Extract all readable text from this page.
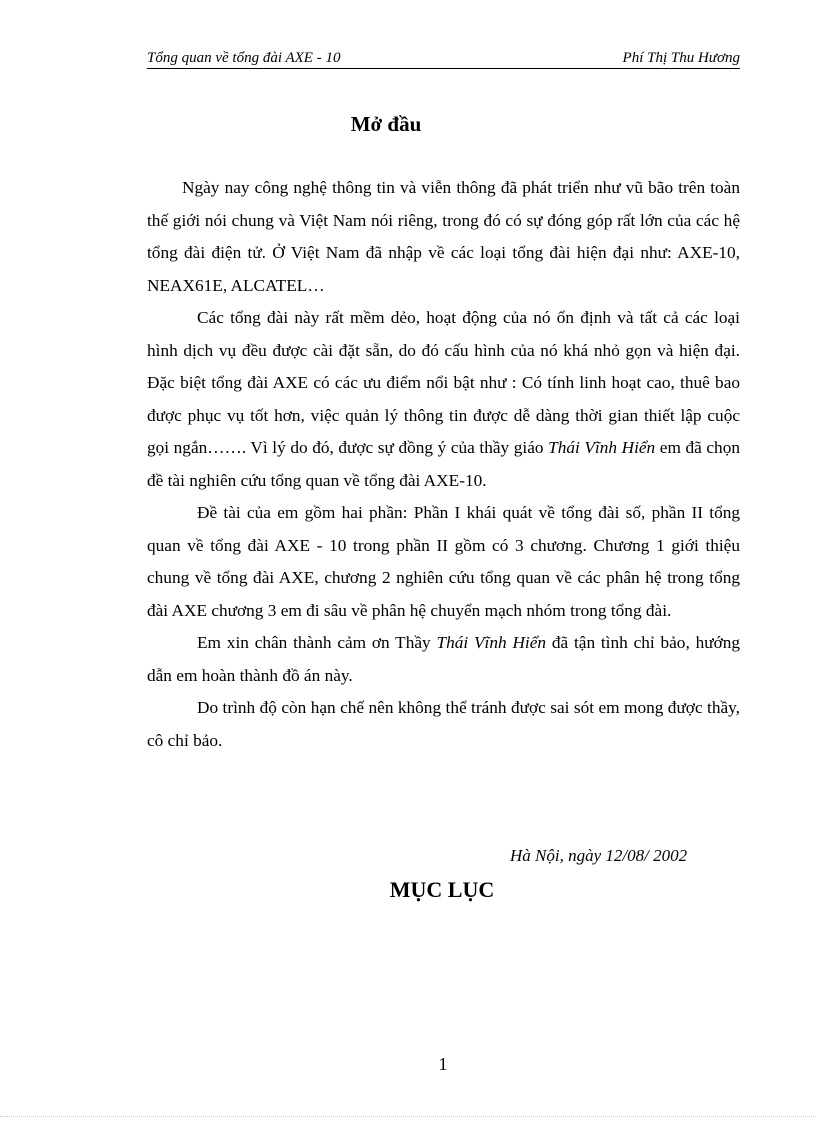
Tổng quan về tổng đài AXE - 10	Phí Thị Thu Hương
Mở đầu

Ngày nay công nghệ thông tin và viễn thông đã phát triển như vũ bão trên toàn thế giới nói chung và Việt Nam nói riêng, trong đó có sự đóng góp rất lớn của các hệ tổng đài điện tử. Ở Việt Nam đã nhập về các loại tổng đài hiện đại như: AXE-10, NEAX61E, ALCATEL…

Các tổng đài này rất mềm dẻo, hoạt động của nó ổn định và tất cả các loại hình dịch vụ đều được cài đặt sẵn, do đó cấu hình của nó khá nhỏ gọn và hiện đại. Đặc biệt tổng đài AXE có các ưu điểm nổi bật như : Có tính linh hoạt cao, thuê bao được phục vụ tốt hơn, việc quản lý thông tin được dễ dàng thời gian thiết lập cuộc gọi ngắn……. Vì lý do đó, được sự đồng ý của thầy giáo Thái Vĩnh Hiển em đã chọn đề tài nghiên cứu tổng quan về tổng đài AXE-10.

Đề tài của em gồm hai phần: Phần I khái quát về tổng đài số, phần II tổng quan về tổng đài AXE - 10 trong phần II gồm có 3 chương. Chương 1 giới thiệu chung về tổng đài AXE, chương 2 nghiên cứu tổng quan về các phân hệ trong tổng đài AXE chương 3 em đi sâu về phân hệ chuyển mạch nhóm trong tổng đài.

Em xin chân thành cảm ơn Thầy Thái Vĩnh Hiển đã tận tình chỉ bảo, hướng dẫn em hoàn thành đồ án này.

Do trình độ còn hạn chế nên không thể tránh được sai sót em mong được thầy, cô chỉ bảo.

Hà Nội, ngày 12/08/ 2002
MỤC LỤC
1
